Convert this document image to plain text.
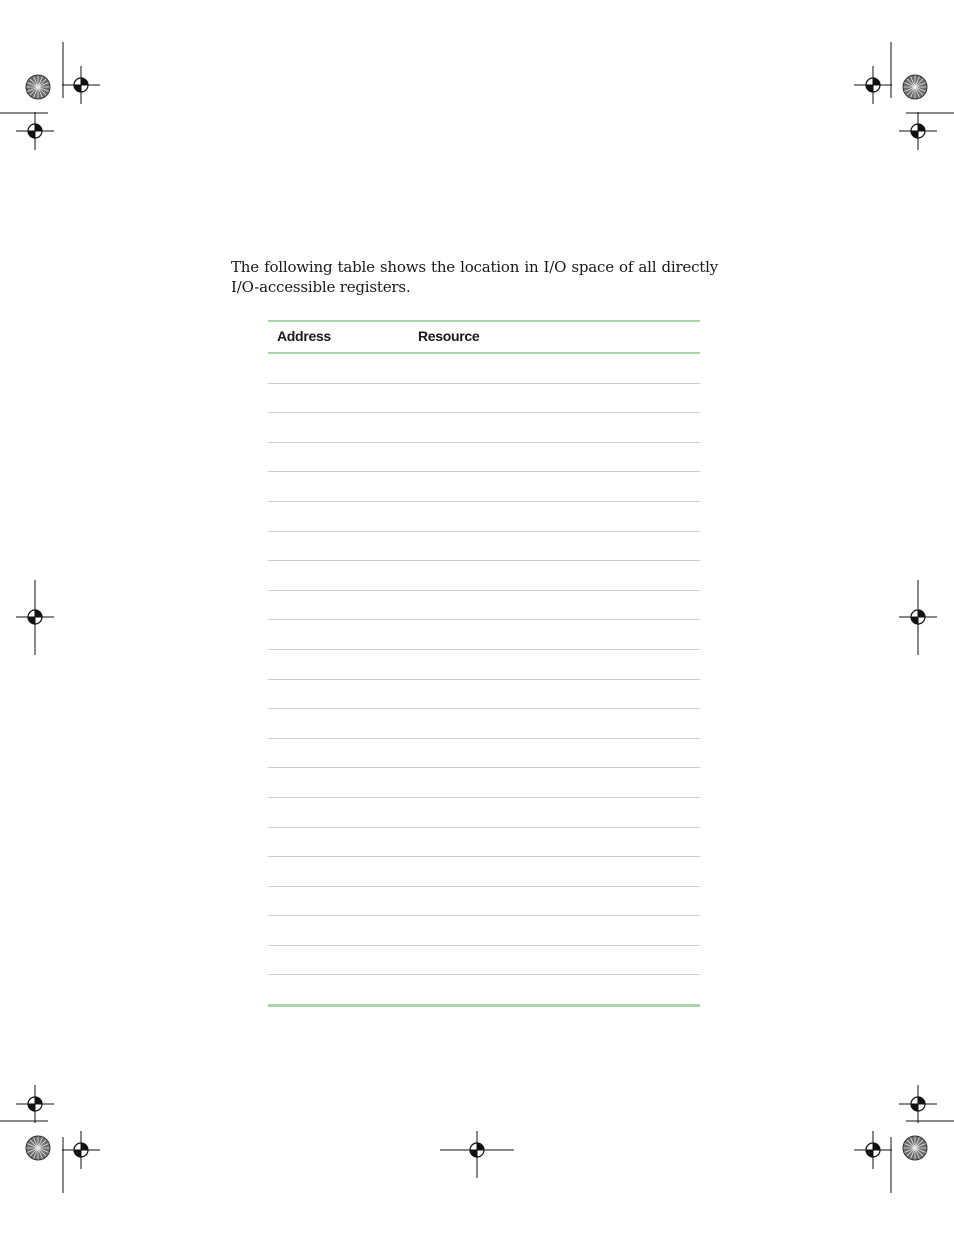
The following table shows the location in I/O space of all directly I/O-accessible registers.

Address	Resource
